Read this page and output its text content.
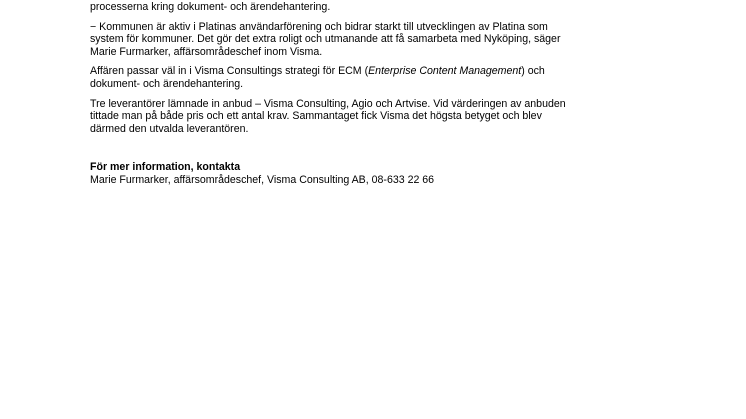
processerna kring dokument- och ärendehantering.

− Kommunen är aktiv i Platinas användarförening och bidrar starkt till utvecklingen av Platina som
system för kommuner. Det gör det extra roligt och utmanande att få samarbeta med Nyköping, säger
Marie Furmarker, affärsområdeschef inom Visma.

Affären passar väl in i Visma Consultings strategi för ECM (Enterprise Content Management) och
dokument- och ärendehantering.

Tre leverantörer lämnade in anbud – Visma Consulting, Agio och Artvise. Vid värderingen av anbuden
tittade man på både pris och ett antal krav. Sammantaget fick Visma det högsta betyget och blev
därmed den utvalda leverantören.

För mer information, kontakta
Marie Furmarker, affärsområdeschef, Visma Consulting AB, 08-633 22 66
